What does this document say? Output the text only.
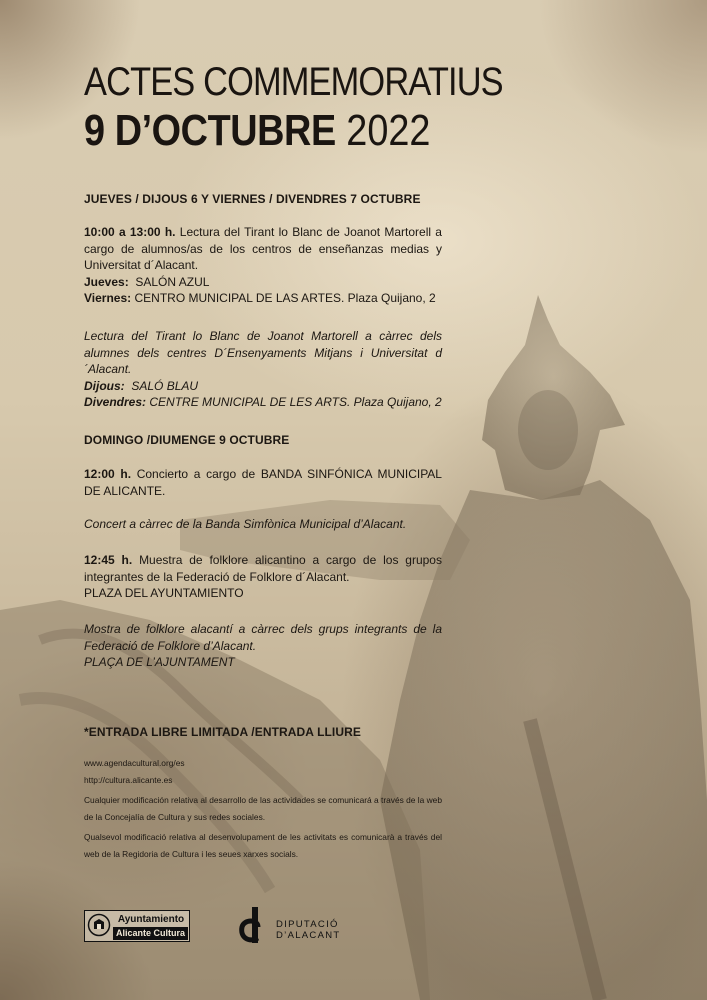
ACTES COMMEMORATIUS
9 D’OCTUBRE 2022
JUEVES / DIJOUS 6 Y VIERNES / DIVENDRES 7 OCTUBRE
10:00 a 13:00 h. Lectura del Tirant lo Blanc de Joanot Martorell a cargo de alumnos/as de los centros de enseñanzas medias y Universitat d´Alacant.
Jueves: SALÓN AZUL
Viernes: CENTRO MUNICIPAL DE LAS ARTES. Plaza Quijano, 2
Lectura del Tirant lo Blanc de Joanot Martorell a càrrec dels alumnes dels centres D´Ensenyaments Mitjans i Universitat d´Alacant.
Dijous: SALÓ BLAU
Divendres: CENTRE MUNICIPAL DE LES ARTS. Plaza Quijano, 2
DOMINGO /DIUMENGE 9 OCTUBRE
12:00 h. Concierto a cargo de BANDA SINFÓNICA MUNICIPAL DE ALICANTE.
Concert a càrrec de la Banda Simfònica Municipal d’Alacant.
12:45 h. Muestra de folklore alicantino a cargo de los grupos integrantes de la Federació de Folklore d´Alacant.
PLAZA DEL AYUNTAMIENTO
Mostra de folklore alacantí a càrrec dels grups integrants de la Federació de Folklore d’Alacant.
PLAÇA DE L’AJUNTAMENT
*ENTRADA LIBRE LIMITADA /ENTRADA LLIURE
www.agendacultural.org/es
http://cultura.alicante.es
Cualquier modificación relativa al desarrollo de las actividades se comunicará a través de la web de la Concejalía de Cultura y sus redes sociales.
Qualsevol modificació relativa al desenvolupament de les activitats es comunicarà a través del web de la Regidoria de Cultura i les seues xarxes socials.
Ayuntamiento
Alicante Cultura
DIPUTACIÓ
D’ALACANT
